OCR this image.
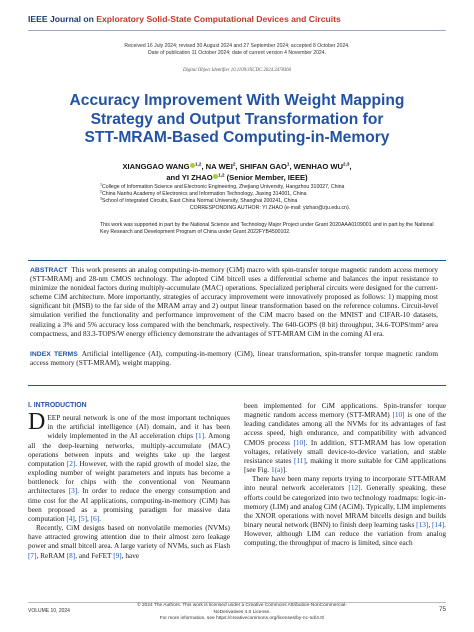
IEEE Journal on Exploratory Solid-State Computational Devices and Circuits
Received 16 July 2024; revised 30 August 2024 and 27 September 2024; accepted 8 October 2024.
Date of publication 11 October 2024; date of current version 4 November 2024.
Digital Object Identifier 10.1109/JXCDC.2024.3478360
Accuracy Improvement With Weight Mapping
Strategy and Output Transformation for
STT-MRAM-Based Computing-in-Memory
XIANGGAO WANG $^{1,2}$, NA WEI$^2$, SHIFAN GAO$^1$, WENHAO WU$^{2,3}$,
and YI ZHAO $^{1,2}$ (Senior Member, IEEE)
$^1$College of Information Science and Electronic Engineering, Zhejiang University, Hangzhou 310027, China
$^2$China Nanhu Academy of Electronics and Information Technology, Jiaxing 314001, China
$^3$School of Integrated Circuits, East China Normal University, Shanghai 200241, China
CORRESPONDING AUTHOR: YI ZHAO (e-mail: yizhao@zju.edu.cn).
This work was supported in part by the National Science and Technology Major Project under Grant 2020AAA0109001 and in part by the National Key Research and Development Program of China under Grant 2022FYB4500102.
ABSTRACT This work presents an analog computing-in-memory (CiM) macro with spin-transfer torque magnetic random access memory (STT-MRAM) and 28-nm CMOS technology. The adopted CiM bitcell uses a differential scheme and balances the input resistance to minimize the nonideal factors during multiply-accumulate (MAC) operations. Specialized peripheral circuits were designed for the current-scheme CiM architecture. More importantly, strategies of accuracy improvement were innovatively proposed as follows: 1) mapping most significant bit (MSB) to the far side of the MRAM array and 2) output linear transformation based on the reference columns. Circuit-level simulation verified the functionality and performance improvement of the CiM macro based on the MNIST and CIFAR-10 datasets, realizing a 3% and 5% accuracy loss compared with the benchmark, respectively. The 640-GOPS (8 bit) throughput, 34.6-TOPS/mm² area compactness, and 83.3-TOPS/W energy efficiency demonstrate the advantages of STT-MRAM CiM in the coming AI era.
INDEX TERMS Artificial intelligence (AI), computing-in-memory (CiM), linear transformation, spin-transfer torque magnetic random access memory (STT-MRAM), weight mapping.
I. INTRODUCTION
DEEP neural network is one of the most important techniques in the artificial intelligence (AI) domain, and it has been widely implemented in the AI acceleration chips [1]. Among all the deep-learning networks, multiply-accumulate (MAC) operations between inputs and weights take up the largest computation [2]. However, with the rapid growth of model size, the exploding number of weight parameters and inputs has become a bottleneck for chips with the conventional von Neumann architectures [3]. In order to reduce the energy consumption and time cost for the AI applications, computing-in-memory (CiM) has been proposed as a promising paradigm for massive data computation [4], [5], [6].
Recently, CiM designs based on nonvolatile memories (NVMs) have attracted growing attention due to their almost zero leakage power and small bitcell area. A large variety of NVMs, such as Flash [7], ReRAM [8], and FeFET [9], have
been implemented for CiM applications. Spin-transfer torque magnetic random access memory (STT-MRAM) [10] is one of the leading candidates among all the NVMs for its advantages of fast access speed, high endurance, and compatibility with advanced CMOS process [10]. In addition, STT-MRAM has low operation voltages, relatively small device-to-device variation, and stable resistance states [11], making it more suitable for CiM applications [see Fig. 1(a)].
There have been many reports trying to incorporate STT-MRAM into neural network accelerators [12]. Generally speaking, these efforts could be categorized into two technology roadmaps: logic-in-memory (LIM) and analog CiM (ACiM). Typically, LIM implements the XNOR operations with novel MRAM bitcells design and builds binary neural network (BNN) to finish deep learning tasks [13], [14]. However, although LIM can reduce the variation from analog computing, the throughput of macro is limited, since each
VOLUME 10, 2024
© 2024 The Authors. This work is licensed under a Creative Commons Attribution-NonCommercial-NoDerivatives 4.0 License.
For more information, see https://creativecommons.org/licenses/by-nc-nd/4.0/
75
